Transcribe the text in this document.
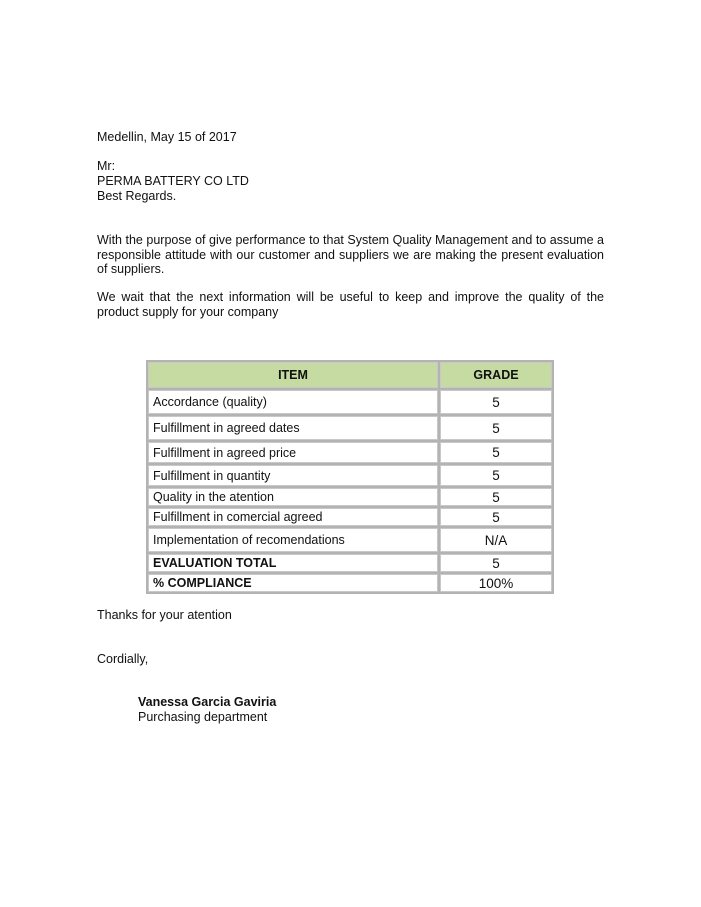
Medellin, May 15 of 2017

Mr:

PERMA BATTERY CO LTD

Best Regards.

With the purpose of give performance to that System Quality Management and to assume a responsible attitude with our customer and suppliers we are making the present evaluation of suppliers.

We wait that the next information will be useful to keep and improve the quality of the product supply for your company

ITEM	GRADE
Accordance (quality)	5
Fulfillment in agreed dates	5
Fulfillment in agreed price	5
Fulfillment in quantity	5
Quality in the atention	5
Fulfillment in comercial agreed	5
Implementation of recomendations	N/A
EVALUATION TOTAL	5
% COMPLIANCE	100%

Thanks for your atention

Cordially,

Vanessa Garcia Gaviria

Purchasing department
